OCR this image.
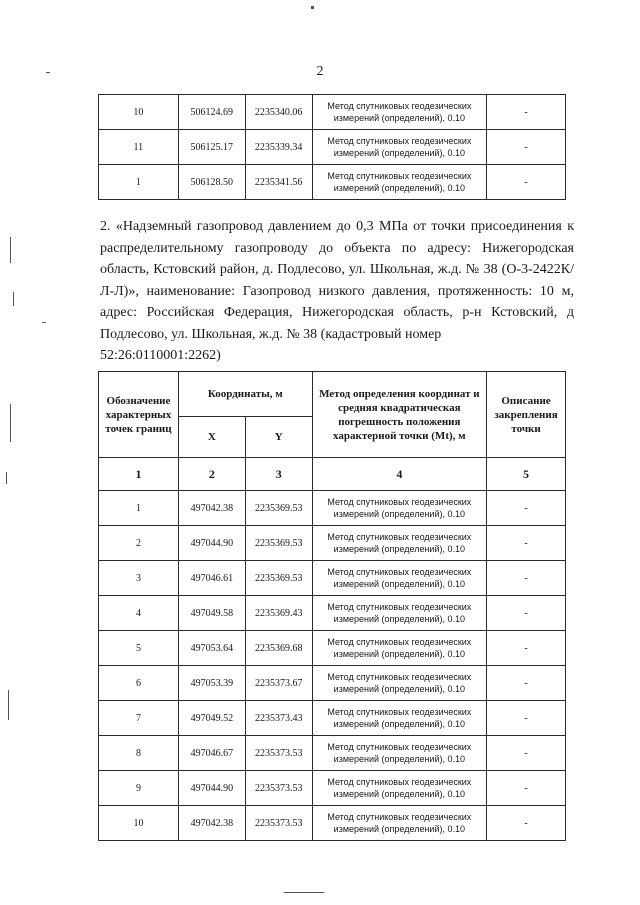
2
10	506124.69	2235340.06	Метод спутниковых геодезических измерений (определений), 0.10	-
11	506125.17	2235339.34	Метод спутниковых геодезических измерений (определений), 0.10	-
1	506128.50	2235341.56	Метод спутниковых геодезических измерений (определений), 0.10	-
2. «Надземный газопровод давлением до 0,3 МПа от точки присоединения к распределительному газопроводу до объекта по адресу: Нижегородская область, Кстовский район, д. Подлесово, ул. Школьная, ж.д. № 38 (О-3-2422К/Л-Л)», наименование: Газопровод низкого давления, протяженность: 10 м, адрес: Российская Федерация, Нижегородская область, р-н Кстовский, д Подлесово, ул. Школьная, ж.д. № 38 (кадастровый номер
52:26:0110001:2262)
Обозначение характерных точек границ	Координаты, м		Метод определения координат и средняя квадратическая погрешность положения характерной точки (Mt), м	Описание закрепления точки
	X	Y		
1	2	3	4	5
1	497042.38	2235369.53	Метод спутниковых геодезических измерений (определений), 0.10	-
2	497044.90	2235369.53	Метод спутниковых геодезических измерений (определений), 0.10	-
3	497046.61	2235369.53	Метод спутниковых геодезических измерений (определений), 0.10	-
4	497049.58	2235369.43	Метод спутниковых геодезических измерений (определений), 0.10	-
5	497053.64	2235369.68	Метод спутниковых геодезических измерений (определений), 0.10	-
6	497053.39	2235373.67	Метод спутниковых геодезических измерений (определений), 0.10	-
7	497049.52	2235373.43	Метод спутниковых геодезических измерений (определений), 0.10	-
8	497046.67	2235373.53	Метод спутниковых геодезических измерений (определений), 0.10	-
9	497044.90	2235373.53	Метод спутниковых геодезических измерений (определений), 0.10	-
10	497042.38	2235373.53	Метод спутниковых геодезических измерений (определений), 0.10	-
